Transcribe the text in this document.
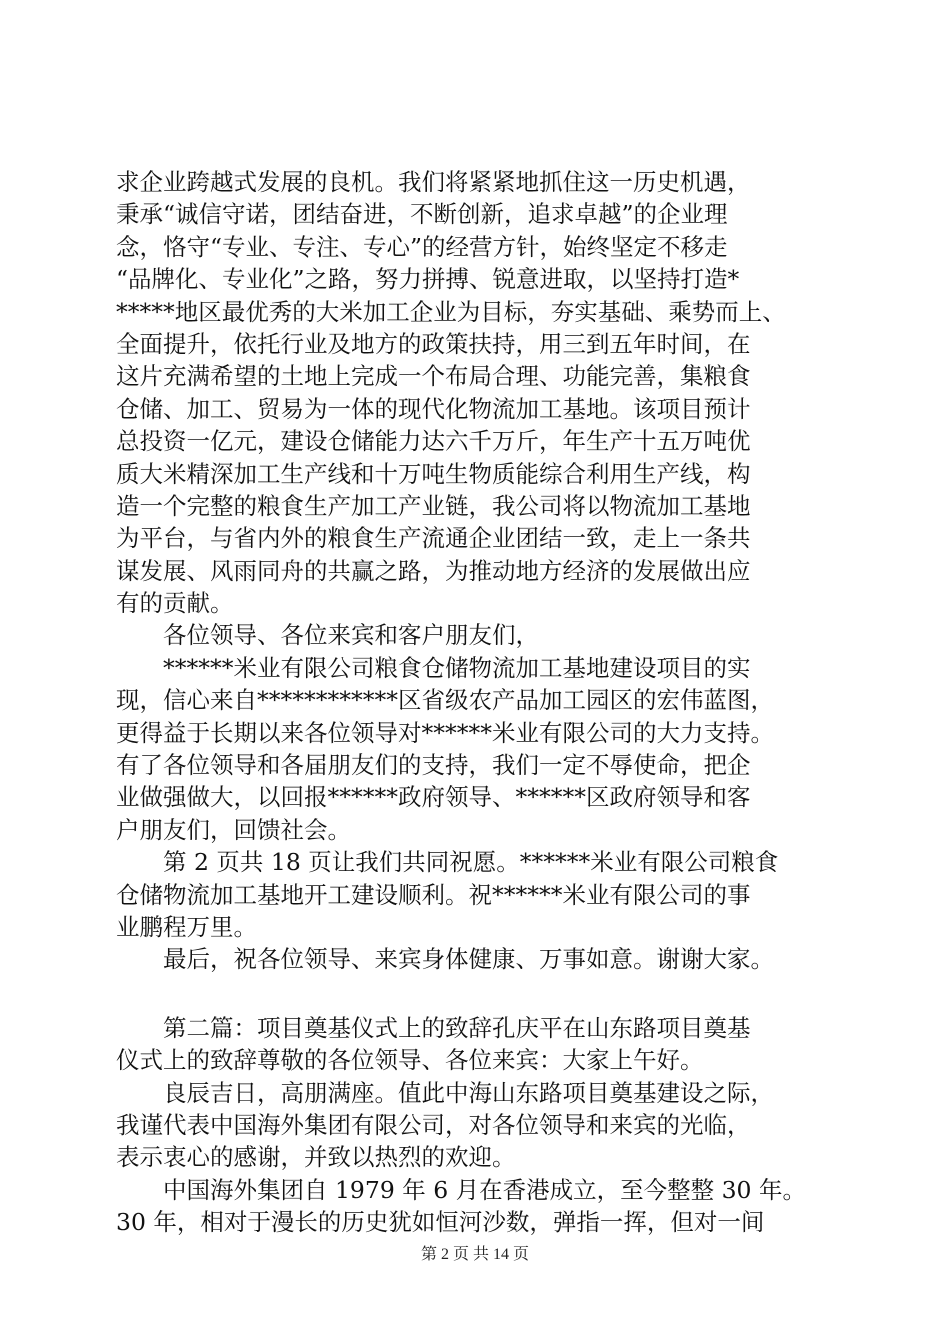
求企业跨越式发展的良机。我们将紧紧地抓住这一历史机遇，
秉承“诚信守诺，团结奋进，不断创新，追求卓越”的企业理
念，恪守“专业、专注、专心”的经营方针，始终坚定不移走
“品牌化、专业化”之路，努力拼搏、锐意进取，以坚持打造*
*****地区最优秀的大米加工企业为目标，夯实基础、乘势而上、
全面提升，依托行业及地方的政策扶持，用三到五年时间，在
这片充满希望的土地上完成一个布局合理、功能完善，集粮食
仓储、加工、贸易为一体的现代化物流加工基地。该项目预计
总投资一亿元，建设仓储能力达六千万斤，年生产十五万吨优
质大米精深加工生产线和十万吨生物质能综合利用生产线，构
造一个完整的粮食生产加工产业链，我公司将以物流加工基地
为平台，与省内外的粮食生产流通企业团结一致，走上一条共
谋发展、风雨同舟的共赢之路，为推动地方经济的发展做出应
有的贡献。
各位领导、各位来宾和客户朋友们，
******米业有限公司粮食仓储物流加工基地建设项目的实
现，信心来自************区省级农产品加工园区的宏伟蓝图，
更得益于长期以来各位领导对******米业有限公司的大力支持。
有了各位领导和各届朋友们的支持，我们一定不辱使命，把企
业做强做大，以回报******政府领导、******区政府领导和客
户朋友们，回馈社会。
第 2 页共 18 页让我们共同祝愿。******米业有限公司粮食
仓储物流加工基地开工建设顺利。祝******米业有限公司的事
业鹏程万里。
最后，祝各位领导、来宾身体健康、万事如意。谢谢大家。
第二篇：项目奠基仪式上的致辞孔庆平在山东路项目奠基
仪式上的致辞尊敬的各位领导、各位来宾：大家上午好。
良辰吉日，高朋满座。值此中海山东路项目奠基建设之际，
我谨代表中国海外集团有限公司，对各位领导和来宾的光临，
表示衷心的感谢，并致以热烈的欢迎。
中国海外集团自 1979 年 6 月在香港成立，至今整整 30 年。
30 年，相对于漫长的历史犹如恒河沙数，弹指一挥，但对一间
第 2 页 共 14 页
